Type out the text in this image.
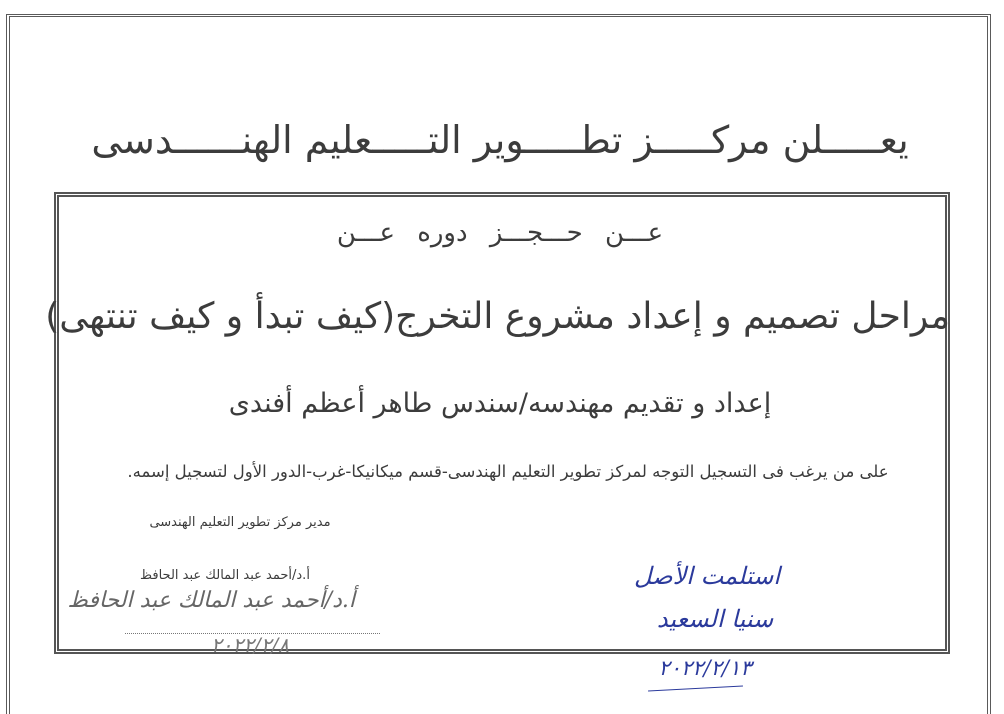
يعـــــلن مركـــــز تطـــــوير التـــــعليم الهنــــــدسى
عـــن حـــجـــز دوره عـــن
مراحل تصميم و إعداد مشروع التخرج(كيف تبدأ و كيف تنتهى)
إعداد و تقديم مهندسه/سندس طاهر أعظم أفندى
على من يرغب فى التسجيل التوجه لمركز تطوير التعليم الهندسى-قسم ميكانيكا-غرب-الدور الأول لتسجيل إسمه.
مدير مركز تطوير التعليم الهندسى
أ.د/أحمد عبد المالك عبد الحافظ
أ.د/أحمد عبد المالك عبد الحافظ
٢٠٢٢/٢/٨
استلمت الأصل
سنيا السعيد
٢٠٢٢/٢/١٣
